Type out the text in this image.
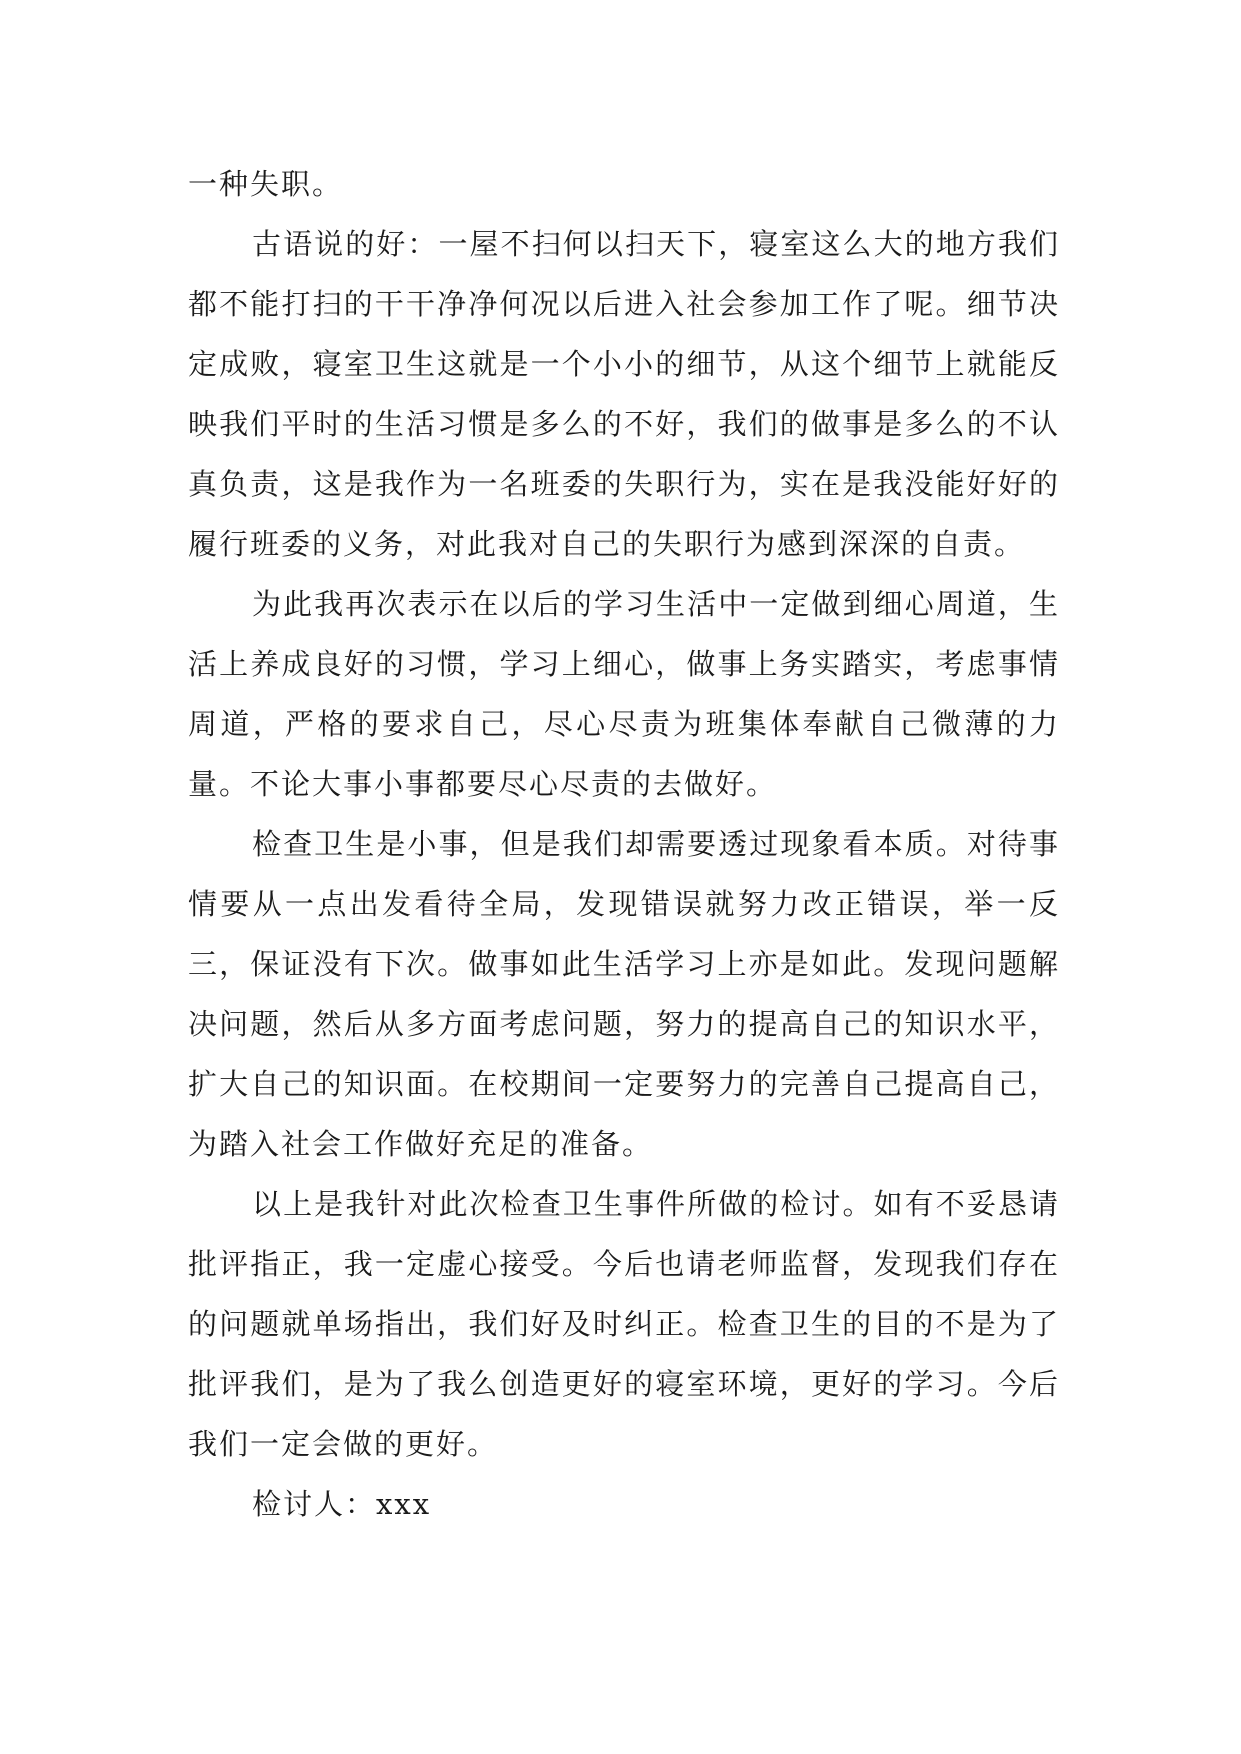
一种失职。

古语说的好：一屋不扫何以扫天下，寝室这么大的地方我们都不能打扫的干干净净何况以后进入社会参加工作了呢。细节决定成败，寝室卫生这就是一个小小的细节，从这个细节上就能反映我们平时的生活习惯是多么的不好，我们的做事是多么的不认真负责，这是我作为一名班委的失职行为，实在是我没能好好的履行班委的义务，对此我对自己的失职行为感到深深的自责。

为此我再次表示在以后的学习生活中一定做到细心周道，生活上养成良好的习惯，学习上细心，做事上务实踏实，考虑事情周道，严格的要求自己，尽心尽责为班集体奉献自己微薄的力量。不论大事小事都要尽心尽责的去做好。

检查卫生是小事，但是我们却需要透过现象看本质。对待事情要从一点出发看待全局，发现错误就努力改正错误，举一反三，保证没有下次。做事如此生活学习上亦是如此。发现问题解决问题，然后从多方面考虑问题，努力的提高自己的知识水平，扩大自己的知识面。在校期间一定要努力的完善自己提高自己，为踏入社会工作做好充足的准备。

以上是我针对此次检查卫生事件所做的检讨。如有不妥恳请批评指正，我一定虚心接受。今后也请老师监督，发现我们存在的问题就单场指出，我们好及时纠正。检查卫生的目的不是为了批评我们，是为了我么创造更好的寝室环境，更好的学习。今后我们一定会做的更好。

检讨人：xxx
